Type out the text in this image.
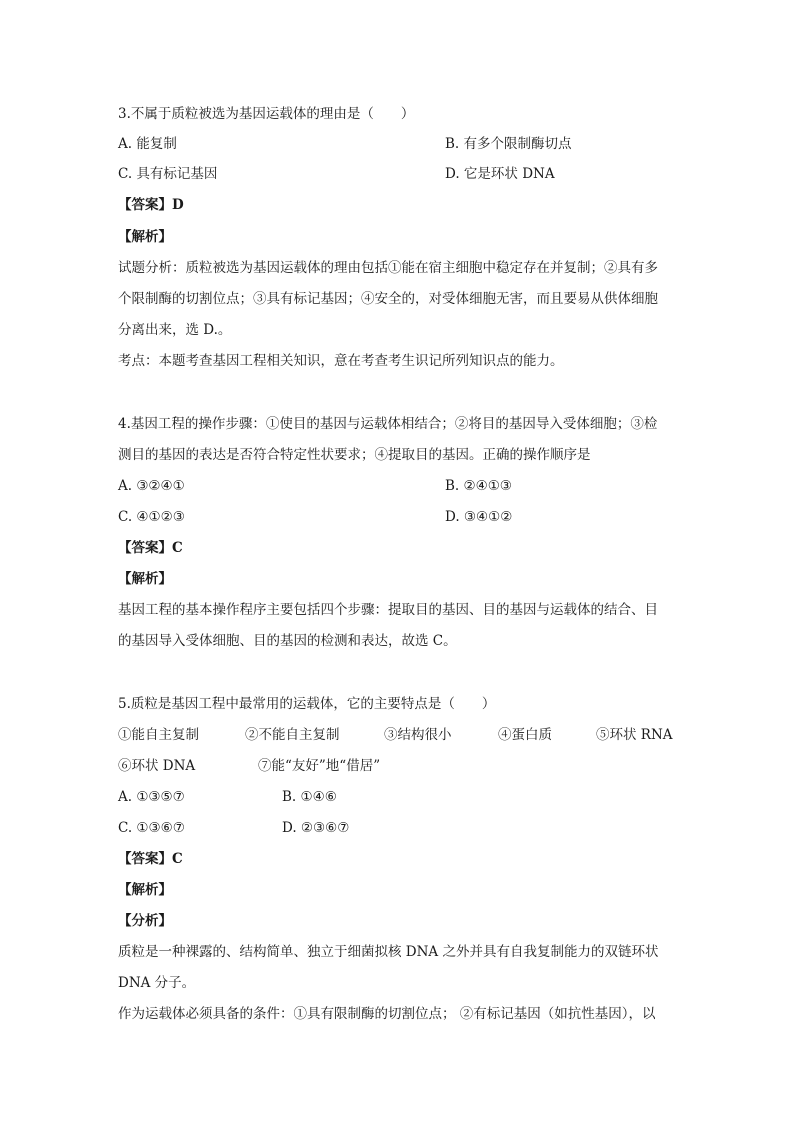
3.不属于质粒被选为基因运载体的理由是（　　）
A. 能复制	B. 有多个限制酶切点
C. 具有标记基因	D. 它是环状 DNA
【答案】D
【解析】
试题分析：质粒被选为基因运载体的理由包括①能在宿主细胞中稳定存在并复制；②具有多
个限制酶的切割位点；③具有标记基因；④安全的，对受体细胞无害，而且要易从供体细胞
分离出来，选 D.。
考点：本题考查基因工程相关知识，意在考查考生识记所列知识点的能力。
4.基因工程的操作步骤：①使目的基因与运载体相结合；②将目的基因导入受体细胞；③检
测目的基因的表达是否符合特定性状要求；④提取目的基因。正确的操作顺序是
A. ③②④①	B. ②④①③
C. ④①②③	D. ③④①②
【答案】C
【解析】
基因工程的基本操作程序主要包括四个步骤：提取目的基因、目的基因与运载体的结合、目
的基因导入受体细胞、目的基因的检测和表达，故选 C。
5.质粒是基因工程中最常用的运载体，它的主要特点是（　　）
①能自主复制	②不能自主复制	③结构很小	④蛋白质	⑤环状 RNA
⑥环状 DNA	⑦能“友好”地“借居”
A. ①③⑤⑦	B. ①④⑥
C. ①③⑥⑦	D. ②③⑥⑦
【答案】C
【解析】
【分析】
质粒是一种裸露的、结构简单、独立于细菌拟核 DNA 之外并具有自我复制能力的双链环状
DNA 分子。
作为运载体必须具备的条件：①具有限制酶的切割位点； ②有标记基因（如抗性基因），以
